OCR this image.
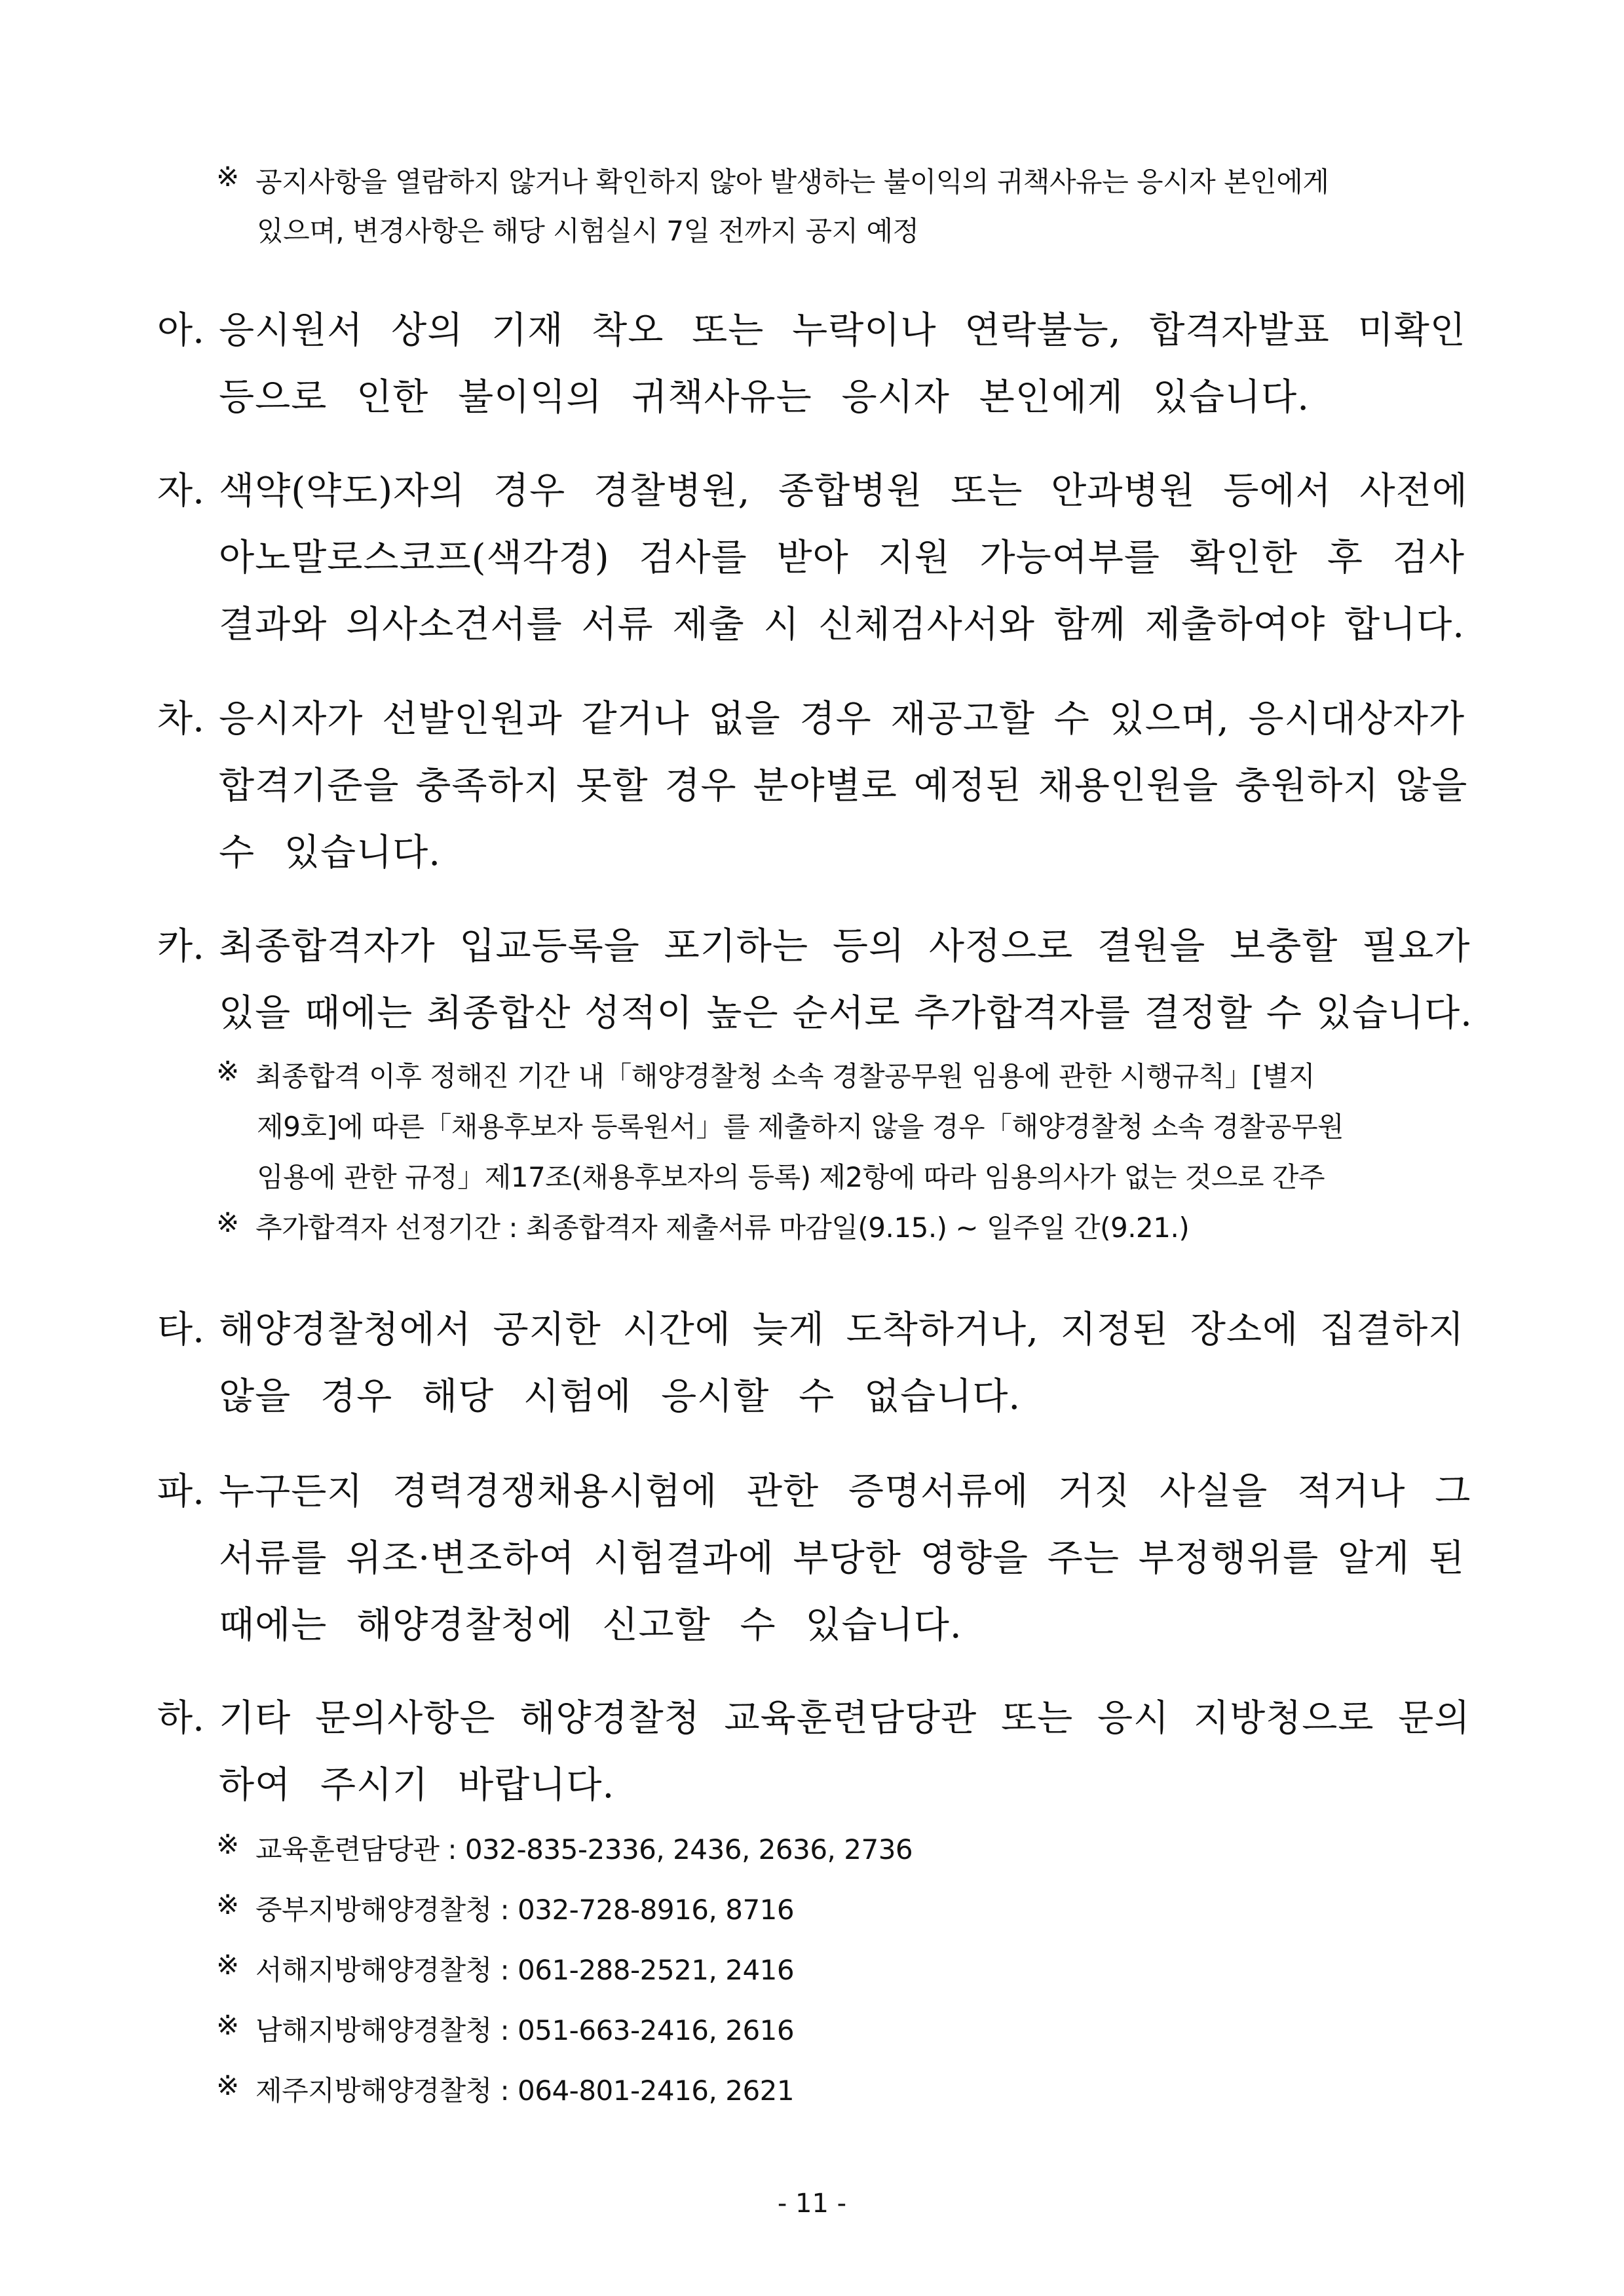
※ 공지사항을 열람하지 않거나 확인하지 않아 발생하는 불이익의 귀책사유는 응시자 본인에게
있으며, 변경사항은 해당 시험실시 7일 전까지 공지 예정
아. 응시원서 상의 기재 착오 또는 누락이나 연락불능, 합격자발표 미확인
등으로 인한 불이익의 귀책사유는 응시자 본인에게 있습니다.
자. 색약(약도)자의 경우 경찰병원, 종합병원 또는 안과병원 등에서 사전에
아노말로스코프(색각경) 검사를 받아 지원 가능여부를 확인한 후 검사
결과와 의사소견서를 서류 제출 시 신체검사서와 함께 제출하여야 합니다.
차. 응시자가 선발인원과 같거나 없을 경우 재공고할 수 있으며, 응시대상자가
합격기준을 충족하지 못할 경우 분야별로 예정된 채용인원을 충원하지 않을
수 있습니다.
카. 최종합격자가 입교등록을 포기하는 등의 사정으로 결원을 보충할 필요가
있을 때에는 최종합산 성적이 높은 순서로 추가합격자를 결정할 수 있습니다.
※ 최종합격 이후 정해진 기간 내「해양경찰청 소속 경찰공무원 임용에 관한 시행규칙」[별지
제9호]에 따른「채용후보자 등록원서」를 제출하지 않을 경우「해양경찰청 소속 경찰공무원
임용에 관한 규정」제17조(채용후보자의 등록) 제2항에 따라 임용의사가 없는 것으로 간주
※ 추가합격자 선정기간 : 최종합격자 제출서류 마감일(9.15.) ~ 일주일 간(9.21.)
타. 해양경찰청에서 공지한 시간에 늦게 도착하거나, 지정된 장소에 집결하지
않을 경우 해당 시험에 응시할 수 없습니다.
파. 누구든지 경력경쟁채용시험에 관한 증명서류에 거짓 사실을 적거나 그
서류를 위조·변조하여 시험결과에 부당한 영향을 주는 부정행위를 알게 된
때에는 해양경찰청에 신고할 수 있습니다.
하. 기타 문의사항은 해양경찰청 교육훈련담당관 또는 응시 지방청으로 문의
하여 주시기 바랍니다.
※ 교육훈련담당관 : 032-835-2336, 2436, 2636, 2736
※ 중부지방해양경찰청 : 032-728-8916, 8716
※ 서해지방해양경찰청 : 061-288-2521, 2416
※ 남해지방해양경찰청 : 051-663-2416, 2616
※ 제주지방해양경찰청 : 064-801-2416, 2621
- 11 -
